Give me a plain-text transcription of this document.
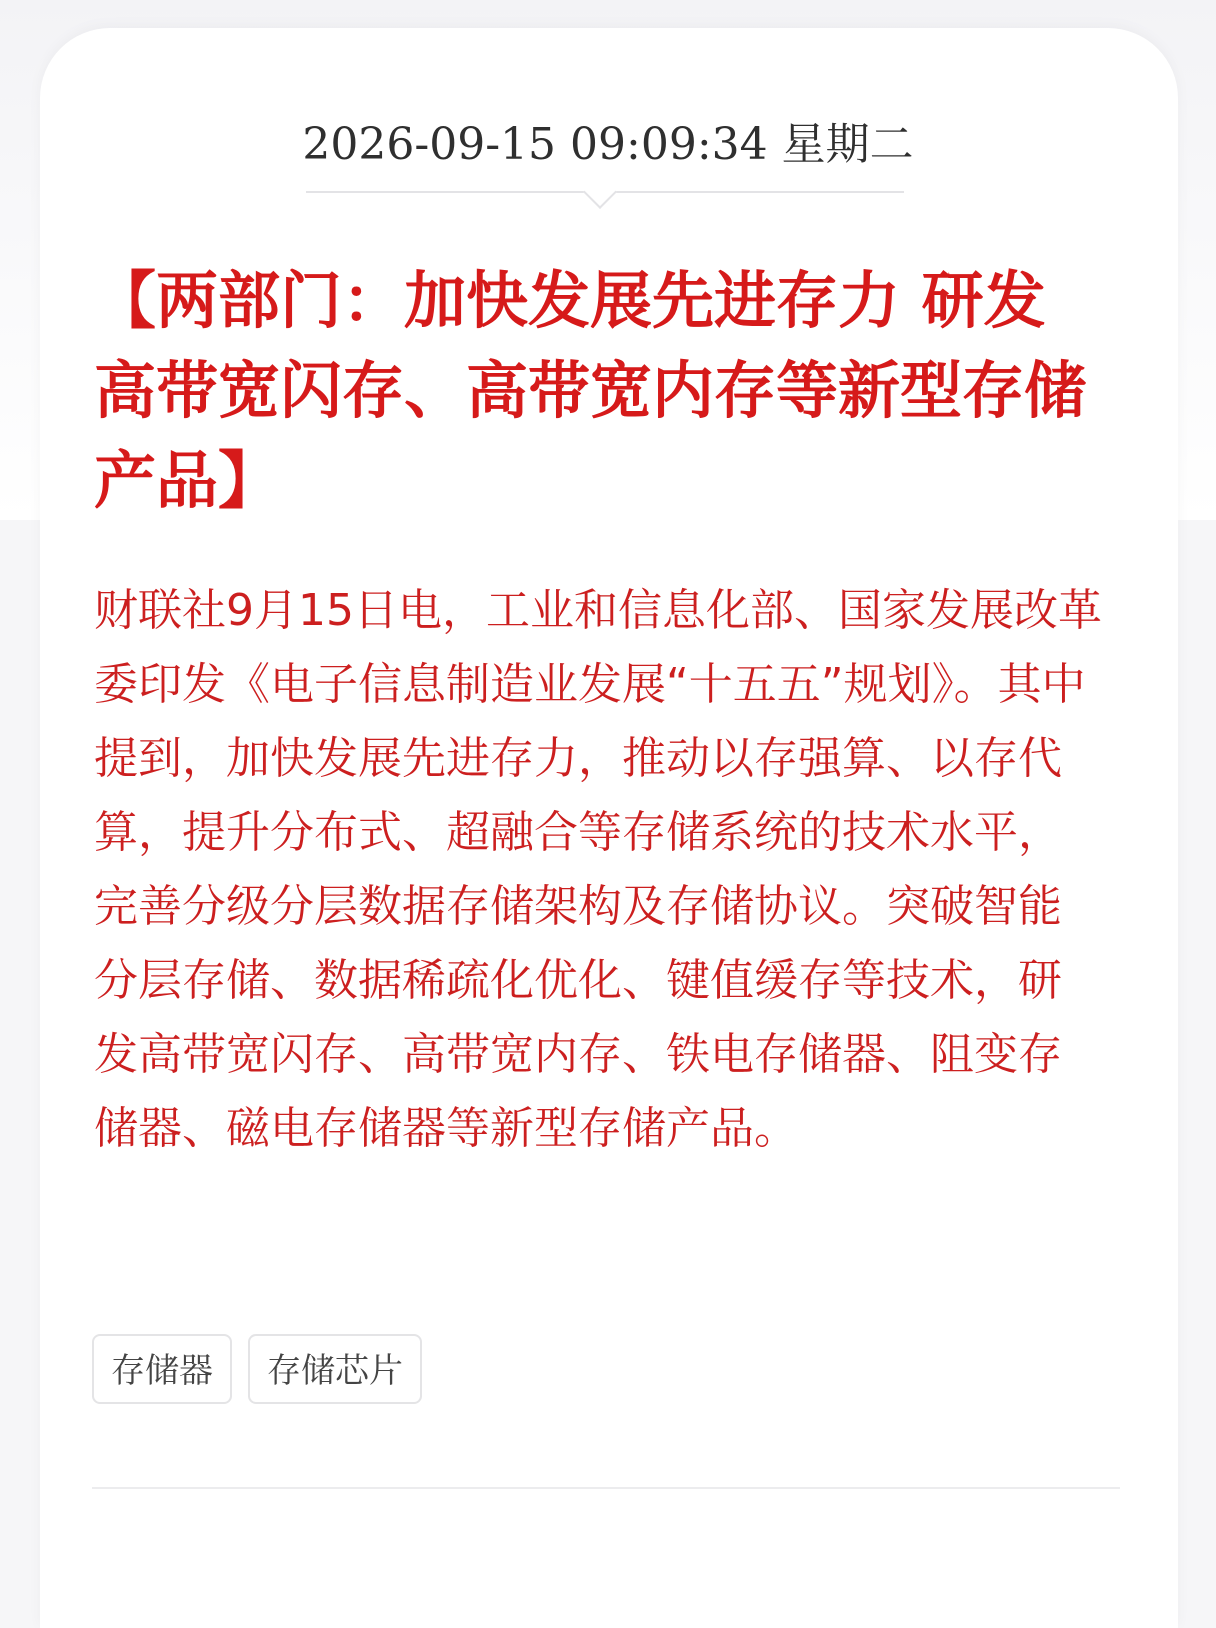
2026-09-15 09:09:34 星期二
【两部门：加快发展先进存力 研发高带宽闪存、高带宽内存等新型存储产品】

财联社9月15日电，工业和信息化部、国家发展改革委印发《电子信息制造业发展“十五五”规划》。其中提到，加快发展先进存力，推动以存强算、以存代算，提升分布式、超融合等存储系统的技术水平，完善分级分层数据存储架构及存储协议。突破智能分层存储、数据稀疏化优化、键值缓存等技术，研发高带宽闪存、高带宽内存、铁电存储器、阻变存储器、磁电存储器等新型存储产品。

存储器	存储芯片
